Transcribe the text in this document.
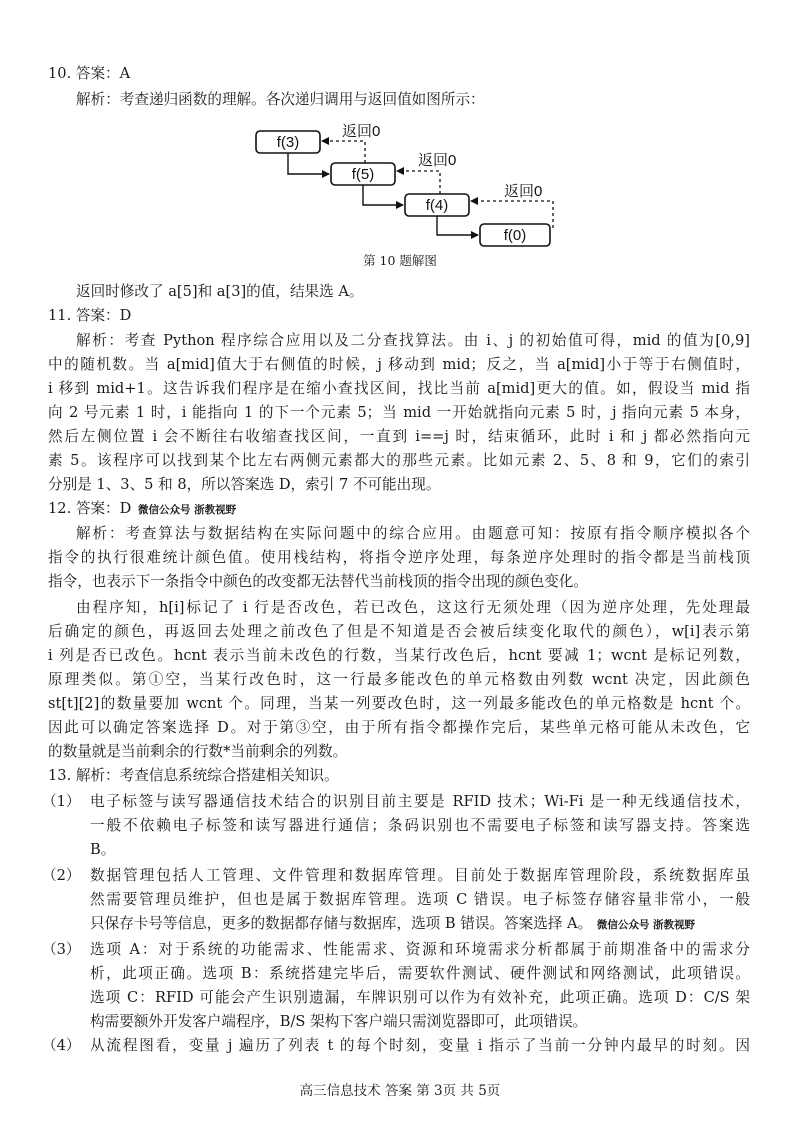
10. 答案：A
解析：考查递归函数的理解。各次递归调用与返回值如图所示：
f(3)
f(5)
f(4)
f(0)
返回0
返回0
返回0
第 10 题解图
返回时修改了 a[5]和 a[3]的值，结果选 A。
11. 答案：D
解析：考查 Python 程序综合应用以及二分查找算法。由 i、j 的初始值可得，mid 的值为[0,9]
中的随机数。当 a[mid]值大于右侧值的时候，j 移动到 mid；反之，当 a[mid]小于等于右侧值时，
i 移到 mid+1。这告诉我们程序是在缩小查找区间，找比当前 a[mid]更大的值。如，假设当 mid 指
向 2 号元素 1 时，i 能指向 1 的下一个元素 5；当 mid 一开始就指向元素 5 时，j 指向元素 5 本身，
然后左侧位置 i 会不断往右收缩查找区间，一直到 i==j 时，结束循环，此时 i 和 j 都必然指向元
素 5。该程序可以找到某个比左右两侧元素都大的那些元素。比如元素 2、5、8 和 9，它们的索引
分别是 1、3、5 和 8，所以答案选 D，索引 7 不可能出现。
12. 答案：D 微信公众号 浙教视野
解析：考查算法与数据结构在实际问题中的综合应用。由题意可知：按原有指令顺序模拟各个
指令的执行很难统计颜色值。使用栈结构，将指令逆序处理，每条逆序处理时的指令都是当前栈顶
指令，也表示下一条指令中颜色的改变都无法替代当前栈顶的指令出现的颜色变化。
由程序知，h[i]标记了 i 行是否改色，若已改色，这这行无须处理（因为逆序处理，先处理最
后确定的颜色，再返回去处理之前改色了但是不知道是否会被后续变化取代的颜色），w[i]表示第
i 列是否已改色。hcnt 表示当前未改色的行数，当某行改色后，hcnt 要减 1；wcnt 是标记列数，
原理类似。第①空，当某行改色时，这一行最多能改色的单元格数由列数 wcnt 决定，因此颜色
st[t][2]的数量要加 wcnt 个。同理，当某一列要改色时，这一列最多能改色的单元格数是 hcnt 个。
因此可以确定答案选择 D。对于第③空，由于所有指令都操作完后，某些单元格可能从未改色，它
的数量就是当前剩余的行数*当前剩余的列数。
13. 解析：考查信息系统综合搭建相关知识。
（1） 电子标签与读写器通信技术结合的识别目前主要是 RFID 技术；Wi-Fi 是一种无线通信技术，
一般不依赖电子标签和读写器进行通信；条码识别也不需要电子标签和读写器支持。答案选
B。
（2） 数据管理包括人工管理、文件管理和数据库管理。目前处于数据库管理阶段，系统数据库虽
然需要管理员维护，但也是属于数据库管理。选项 C 错误。电子标签存储容量非常小，一般
只保存卡号等信息，更多的数据都存储与数据库，选项 B 错误。答案选择 A。 微信公众号 浙教视野
（3） 选项 A：对于系统的功能需求、性能需求、资源和环境需求分析都属于前期准备中的需求分
析，此项正确。选项 B：系统搭建完毕后，需要软件测试、硬件测试和网络测试，此项错误。
选项 C：RFID 可能会产生识别遗漏，车牌识别可以作为有效补充，此项正确。选项 D：C/S 架
构需要额外开发客户端程序，B/S 架构下客户端只需浏览器即可，此项错误。
（4） 从流程图看，变量 j 遍历了列表 t 的每个时刻，变量 i 指示了当前一分钟内最早的时刻。因
高三信息技术 答案 第 3页 共 5页
